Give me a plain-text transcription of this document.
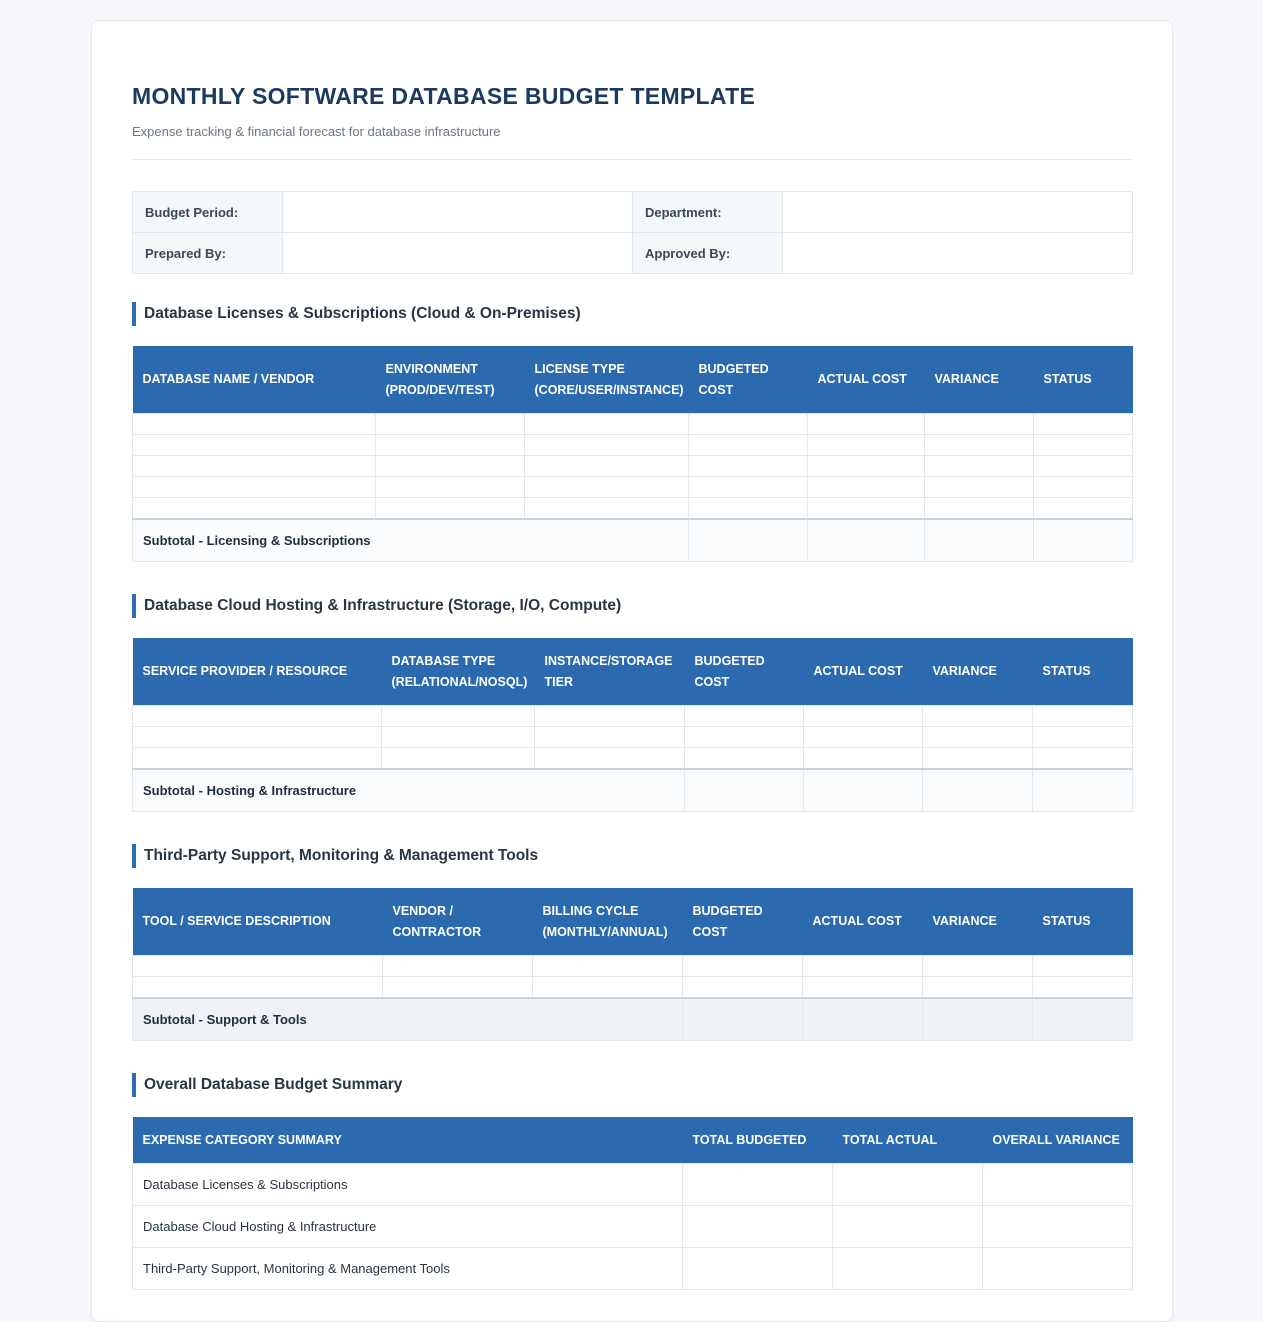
MONTHLY SOFTWARE DATABASE BUDGET TEMPLATE

Expense tracking & financial forecast for database infrastructure

Budget Period:		Department:	
Prepared By:		Approved By:	
Database Licenses & Subscriptions (Cloud & On-Premises)
DATABASE NAME / VENDOR	ENVIRONMENT (PROD/DEV/TEST)	LICENSE TYPE (CORE/USER/INSTANCE)	BUDGETED COST	ACTUAL COST	VARIANCE	STATUS

Subtotal - Licensing & Subscriptions						
Database Cloud Hosting & Infrastructure (Storage, I/O, Compute)
SERVICE PROVIDER / RESOURCE	DATABASE TYPE (RELATIONAL/NOSQL)	INSTANCE/STORAGE TIER	BUDGETED COST	ACTUAL COST	VARIANCE	STATUS

Subtotal - Hosting & Infrastructure						
Third-Party Support, Monitoring & Management Tools
TOOL / SERVICE DESCRIPTION	VENDOR / CONTRACTOR	BILLING CYCLE (MONTHLY/ANNUAL)	BUDGETED COST	ACTUAL COST	VARIANCE	STATUS

Subtotal - Support & Tools						
Overall Database Budget Summary
EXPENSE CATEGORY SUMMARY	TOTAL BUDGETED	TOTAL ACTUAL	OVERALL VARIANCE
Database Licenses & Subscriptions			
Database Cloud Hosting & Infrastructure			
Third-Party Support, Monitoring & Management Tools			
